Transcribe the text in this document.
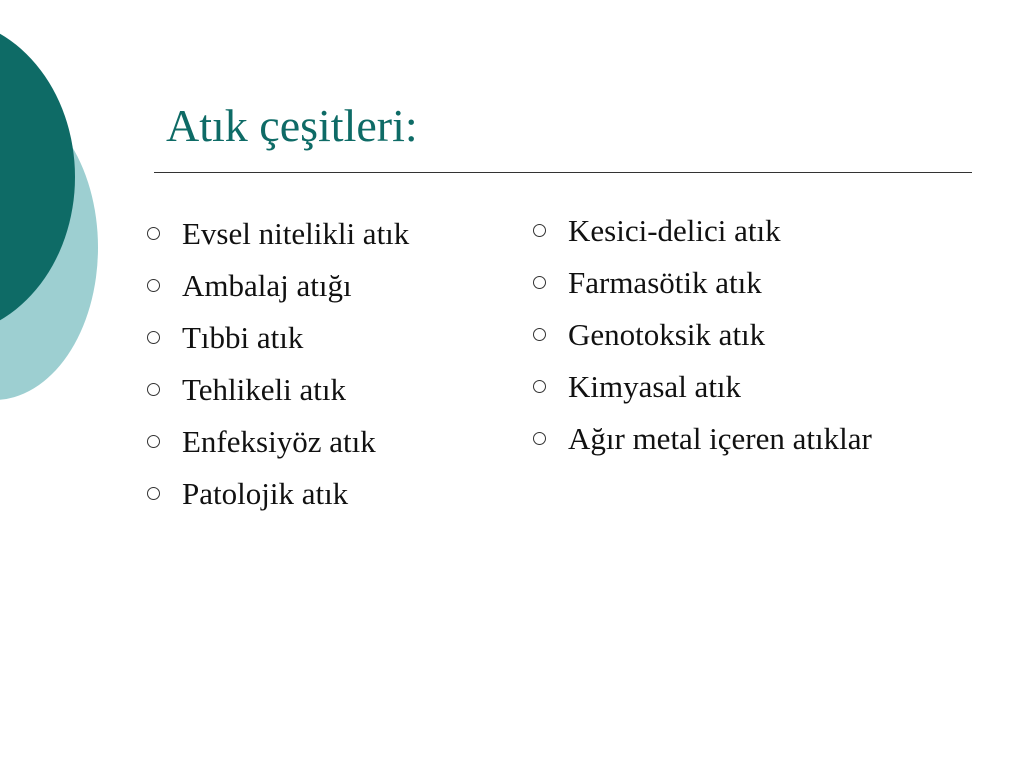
Atık çeşitleri:
Evsel nitelikli atık
Ambalaj atığı
Tıbbi atık
Tehlikeli atık
Enfeksiyöz atık
Patolojik atık
Kesici-delici atık
Farmasötik atık
Genotoksik atık
Kimyasal atık
Ağır metal içeren atıklar
